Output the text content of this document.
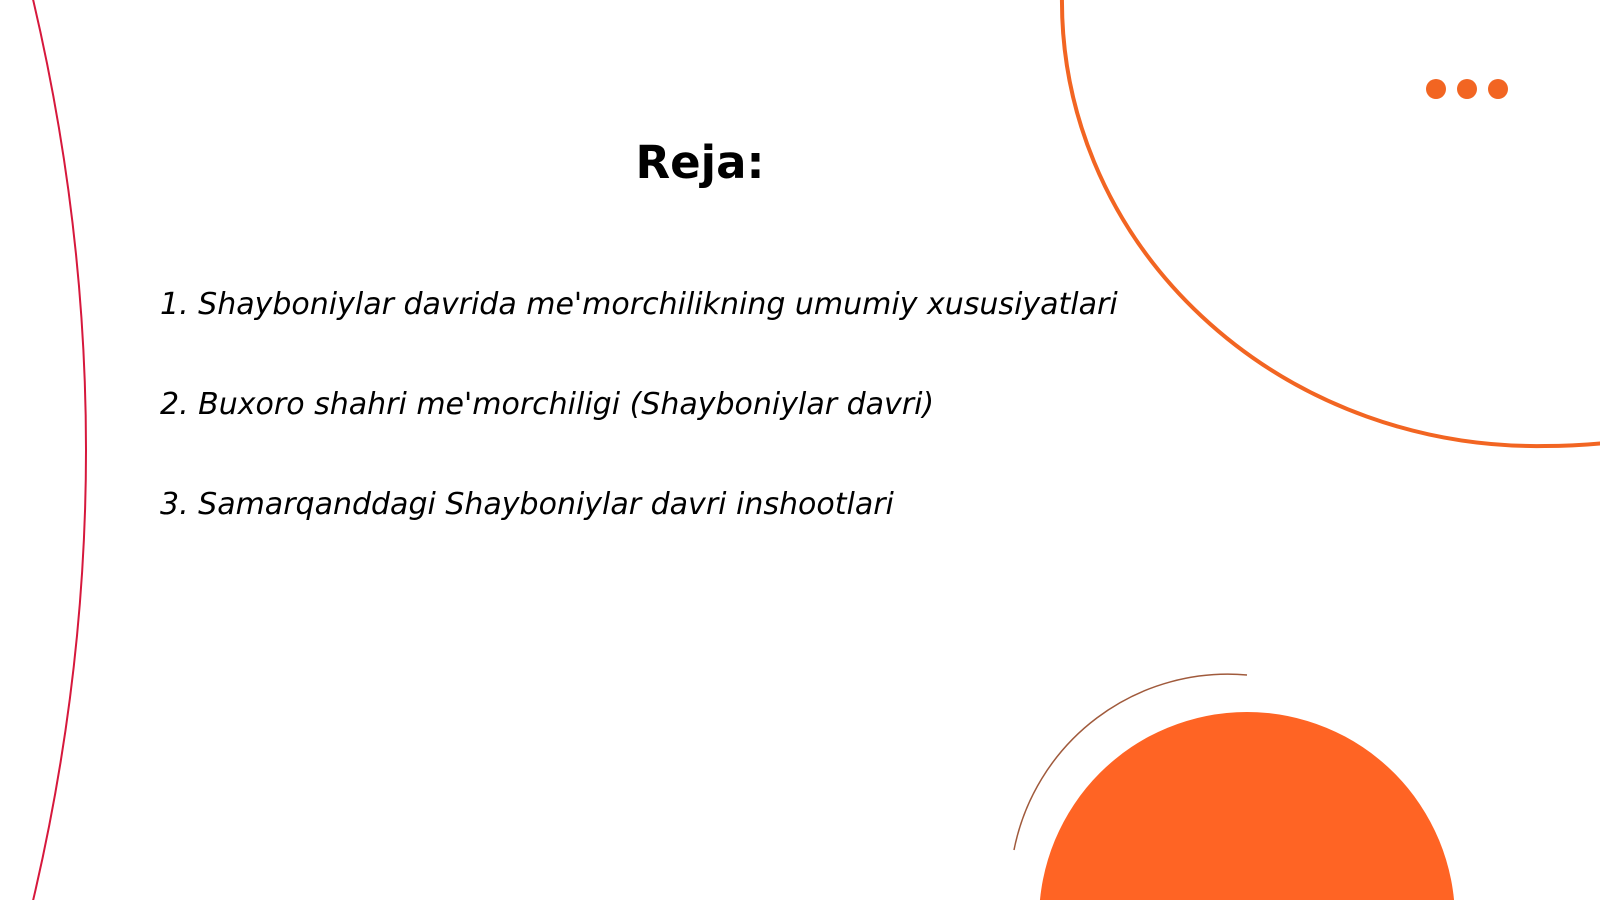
Reja:
1. Shayboniylar davrida me'morchilikning umumiy xususiyatlari
2. Buxoro shahri me'morchiligi (Shayboniylar davri)
3. Samarqanddagi Shayboniylar davri inshootlari
